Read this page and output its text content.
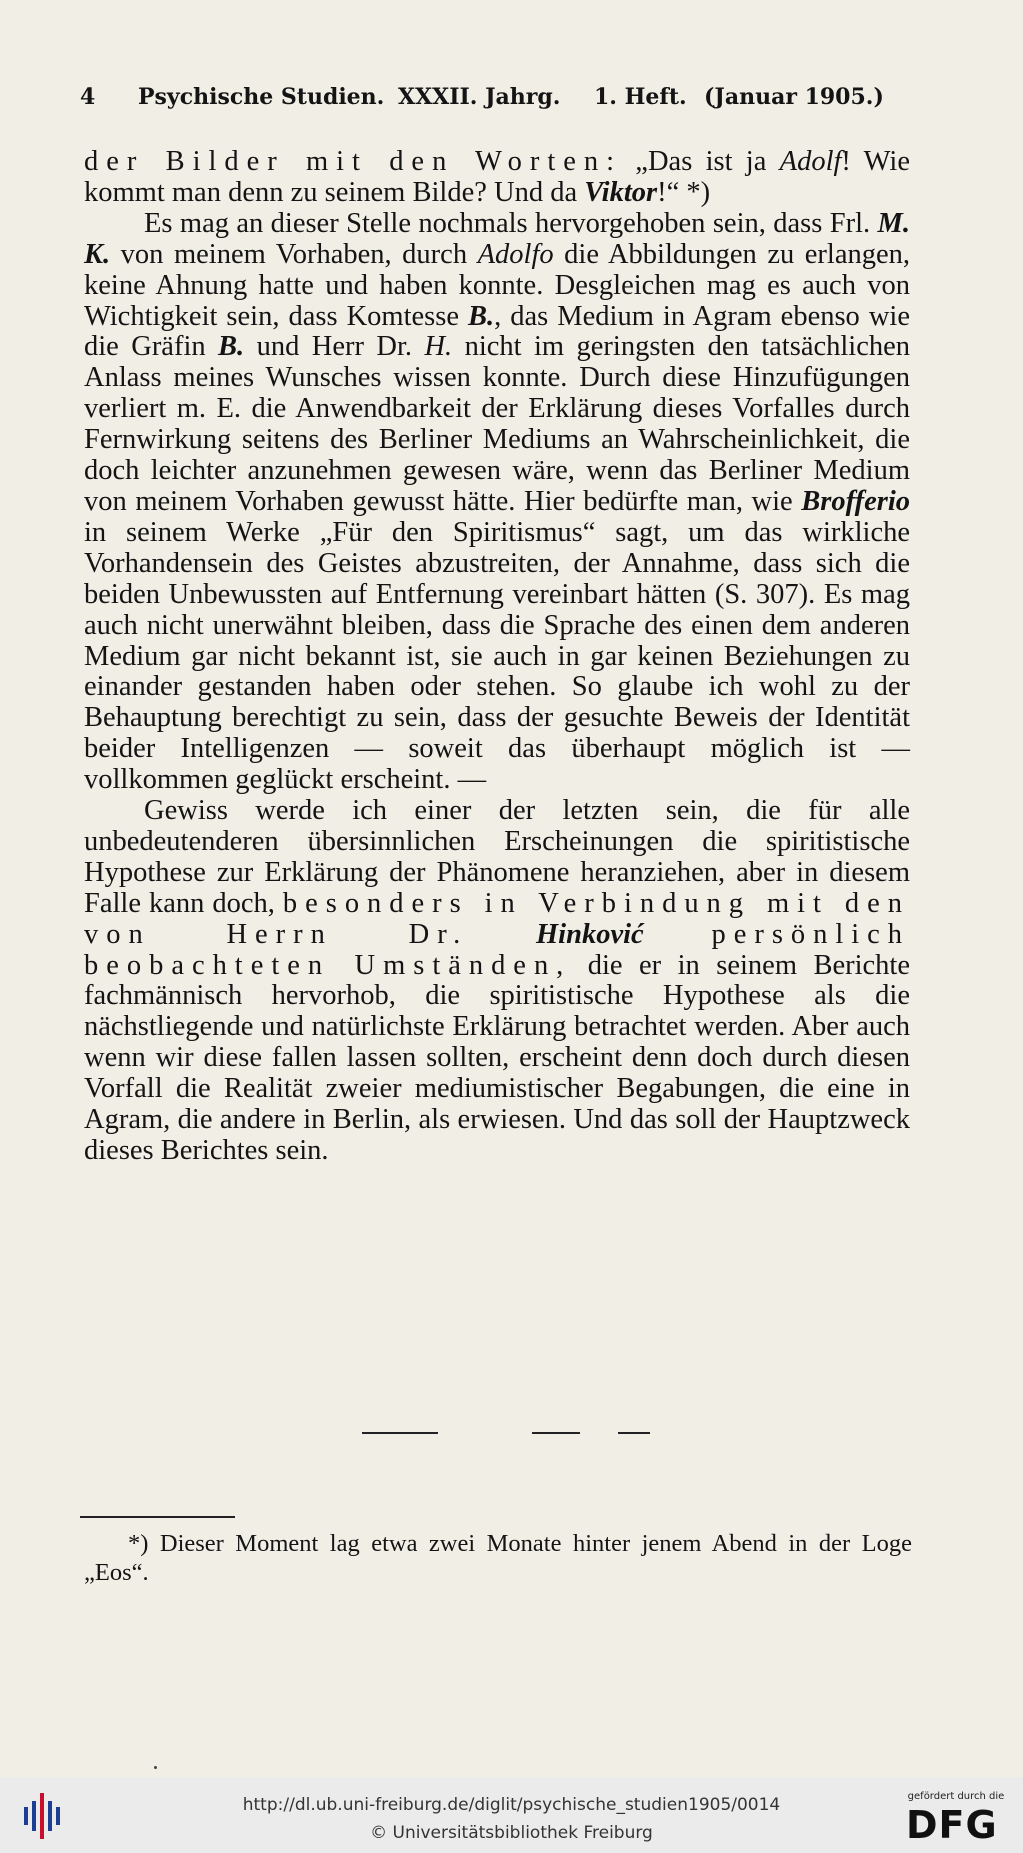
4 Psychische Studien. XXXII. Jahrg. 1. Heft. (Januar 1905.)

der Bilder mit den Worten: „Das ist ja Adolf! Wie kommt man denn zu seinem Bilde? Und da Viktor!“ *)

Es mag an dieser Stelle nochmals hervorgehoben sein, dass Frl. M. K. von meinem Vorhaben, durch Adolfo die Abbildungen zu erlangen, keine Ahnung hatte und haben konnte. Desgleichen mag es auch von Wichtigkeit sein, dass Komtesse B., das Medium in Agram ebenso wie die Gräfin B. und Herr Dr. H. nicht im geringsten den tatsächlichen Anlass meines Wunsches wissen konnte. Durch diese Hinzufügungen verliert m. E. die Anwendbarkeit der Erklärung dieses Vorfalles durch Fernwirkung seitens des Berliner Mediums an Wahrscheinlichkeit, die doch leichter anzunehmen gewesen wäre, wenn das Berliner Medium von meinem Vorhaben gewusst hätte. Hier bedürfte man, wie Brofferio in seinem Werke „Für den Spiritismus“ sagt, um das wirkliche Vorhandensein des Geistes abzustreiten, der Annahme, dass sich die beiden Unbewussten auf Entfernung vereinbart hätten (S. 307). Es mag auch nicht unerwähnt bleiben, dass die Sprache des einen dem anderen Medium gar nicht bekannt ist, sie auch in gar keinen Beziehungen zu einander gestanden haben oder stehen. So glaube ich wohl zu der Behauptung berechtigt zu sein, dass der gesuchte Beweis der Identität beider Intelligenzen — soweit das überhaupt möglich ist — vollkommen geglückt erscheint. —

Gewiss werde ich einer der letzten sein, die für alle unbedeutenderen übersinnlichen Erscheinungen die spiritistische Hypothese zur Erklärung der Phänomene heranziehen, aber in diesem Falle kann doch, besonders in Verbindung mit den von Herrn Dr. Hinković persönlich beobachteten Umständen, die er in seinem Berichte fachmännisch hervorhob, die spiritistische Hypothese als die nächstliegende und natürlichste Erklärung betrachtet werden. Aber auch wenn wir diese fallen lassen sollten, erscheint denn doch durch diesen Vorfall die Realität zweier mediumistischer Begabungen, die eine in Agram, die andere in Berlin, als erwiesen. Und das soll der Hauptzweck dieses Berichtes sein.

*) Dieser Moment lag etwa zwei Monate hinter jenem Abend in der Loge „Eos“.

http://dl.ub.uni-freiburg.de/diglit/psychische_studien1905/0014
© Universitätsbibliothek Freiburg
gefördert durch die
DFG
